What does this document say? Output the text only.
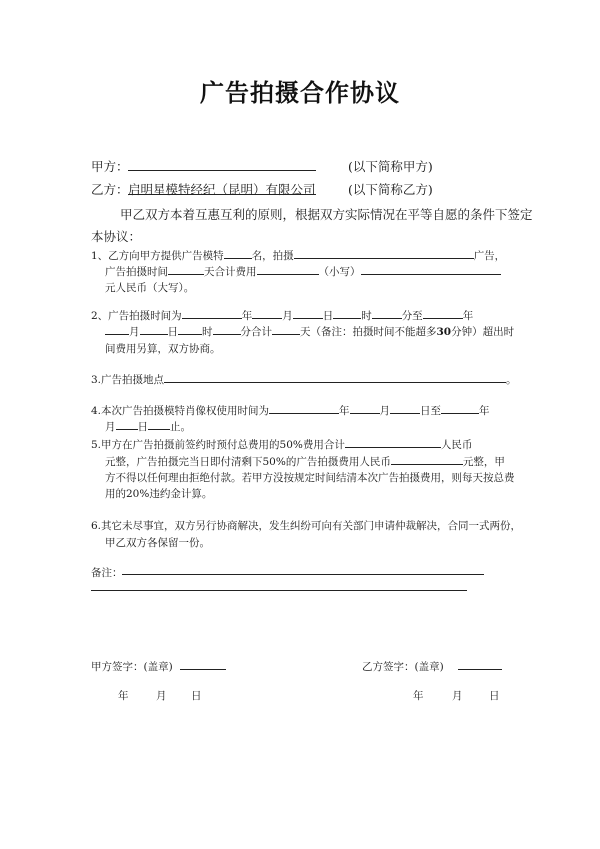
广告拍摄合作协议
甲方：	(以下简称甲方)
乙方： 启明星模特经纪（昆明）有限公司	(以下简称乙方)
甲乙双方本着互惠互利的原则，根据双方实际情况在平等自愿的条件下签定
本协议：
1、乙方向甲方提供广告模特	名，拍摄	广告，
广告拍摄时间	天合计费用	（小写）
元人民币（大写）。
2、广告拍摄时间为	年	月	日	时	分至	年
月	日 时	分合计	天（备注：拍摄时间不能超多30分钟）超出时
间费用另算，双方协商。
3.广告拍摄地点	。
4.本次广告拍摄模特肖像权使用时间为	年	月	日至	年
月 日 止。
5.甲方在广告拍摄前签约时预付总费用的50%费用合计	人民币
元整，广告拍摄完当日即付清剩下50%的广告拍摄费用人民币	元整，甲
方不得以任何理由拒绝付款。若甲方没按规定时间结清本次广告拍摄费用，则每天按总费
用的20%违约金计算。
6.其它未尽事宜，双方另行协商解决，发生纠纷可向有关部门申请仲裁解决，合同一式两份，
甲乙双方各保留一份。
备注：
甲方签字：(盖章)	乙方签字：(盖章)
年	月 日	年	月	日
